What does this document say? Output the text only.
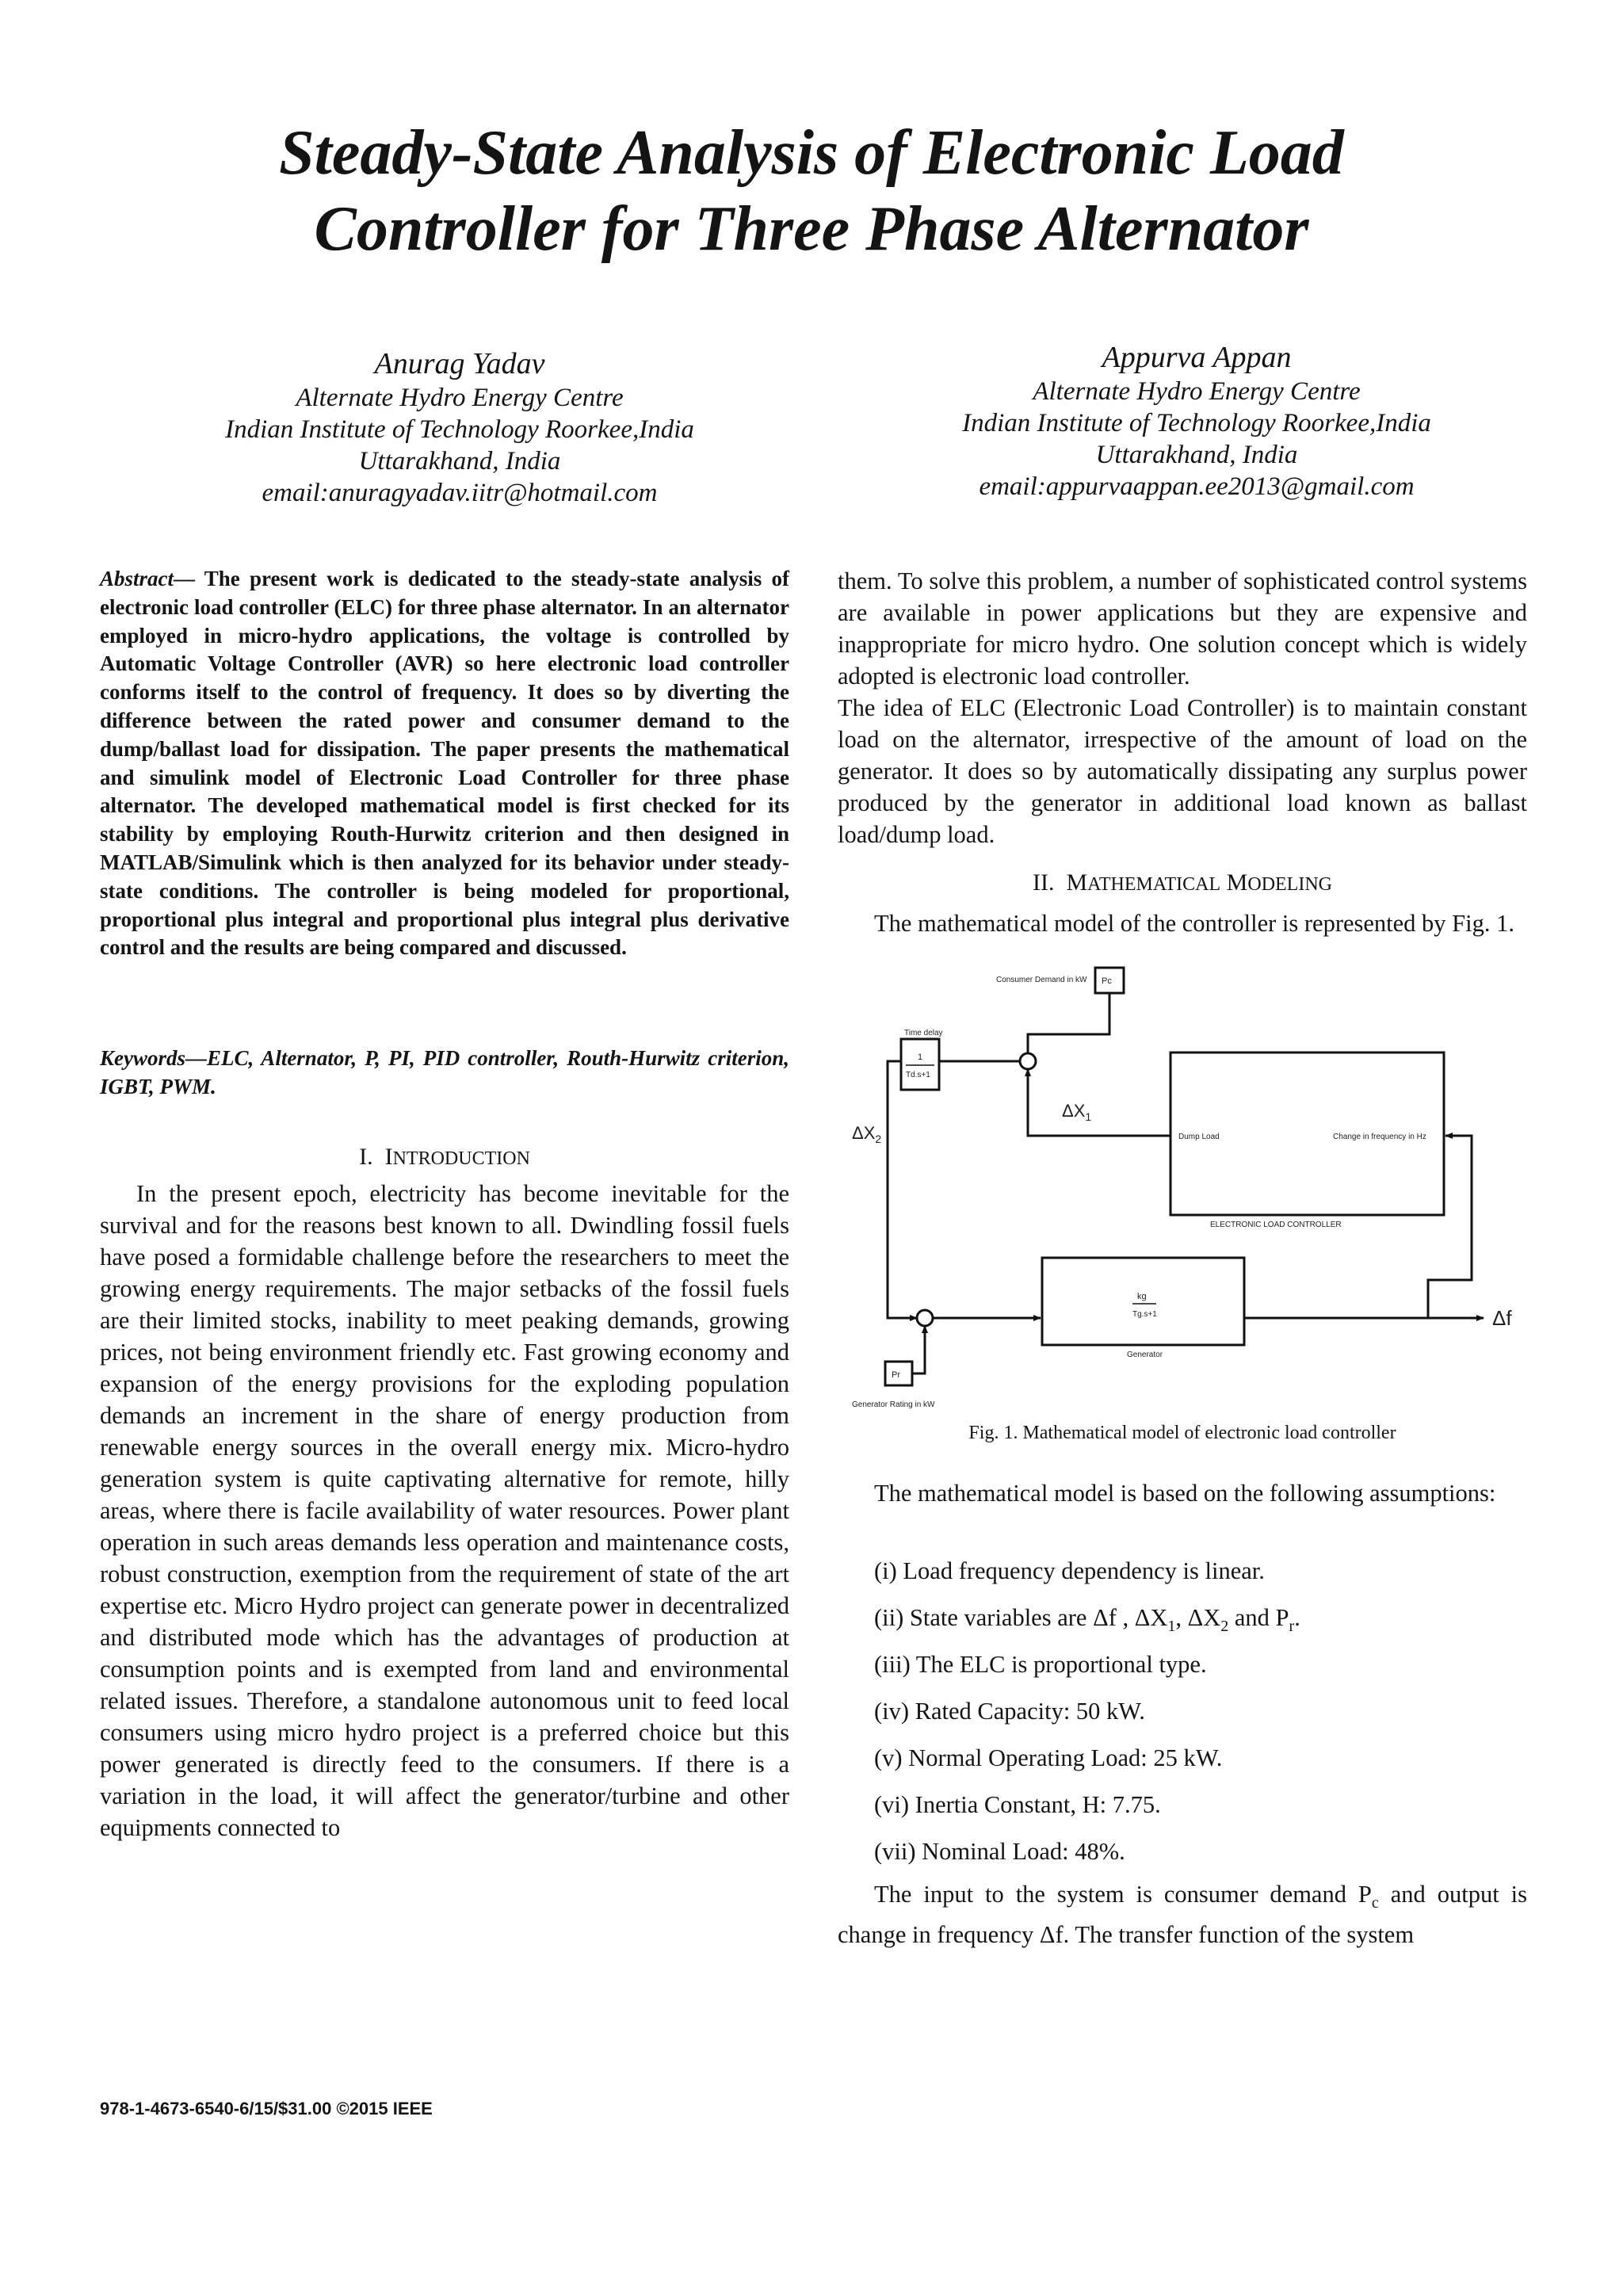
Steady-State Analysis of Electronic Load
Controller for Three Phase Alternator
Anurag Yadav
Alternate Hydro Energy Centre
Indian Institute of Technology Roorkee,India
Uttarakhand, India
email:anuragyadav.iitr@hotmail.com
Appurva Appan
Alternate Hydro Energy Centre
Indian Institute of Technology Roorkee,India
Uttarakhand, India
email:appurvaappan.ee2013@gmail.com
Abstract— The present work is dedicated to the steady-state analysis of electronic load controller (ELC) for three phase alternator. In an alternator employed in micro-hydro applications, the voltage is controlled by Automatic Voltage Controller (AVR) so here electronic load controller conforms itself to the control of frequency. It does so by diverting the difference between the rated power and consumer demand to the dump/ballast load for dissipation. The paper presents the mathematical and simulink model of Electronic Load Controller for three phase alternator. The developed mathematical model is first checked for its stability by employing Routh-Hurwitz criterion and then designed in MATLAB/Simulink which is then analyzed for its behavior under steady-state conditions. The controller is being modeled for proportional, proportional plus integral and proportional plus integral plus derivative control and the results are being compared and discussed.
Keywords—ELC, Alternator, P, PI, PID controller, Routh-Hurwitz criterion, IGBT, PWM.
I. INTRODUCTION

In the present epoch, electricity has become inevitable for the survival and for the reasons best known to all. Dwindling fossil fuels have posed a formidable challenge before the researchers to meet the growing energy requirements. The major setbacks of the fossil fuels are their limited stocks, inability to meet peaking demands, growing prices, not being environment friendly etc. Fast growing economy and expansion of the energy provisions for the exploding population demands an increment in the share of energy production from renewable energy sources in the overall energy mix. Micro-hydro generation system is quite captivating alternative for remote, hilly areas, where there is facile availability of water resources. Power plant operation in such areas demands less operation and maintenance costs, robust construction, exemption from the requirement of state of the art expertise etc. Micro Hydro project can generate power in decentralized and distributed mode which has the advantages of production at consumption points and is exempted from land and environmental related issues. Therefore, a standalone autonomous unit to feed local consumers using micro hydro project is a preferred choice but this power generated is directly feed to the consumers. If there is a variation in the load, it will affect the generator/turbine and other equipments connected to

them. To solve this problem, a number of sophisticated control systems are available in power applications but they are expensive and inappropriate for micro hydro. One solution concept which is widely adopted is electronic load controller.

The idea of ELC (Electronic Load Controller) is to maintain constant load on the alternator, irrespective of the amount of load on the generator. It does so by automatically dissipating any surplus power produced by the generator in additional load known as ballast load/dump load.

II. MATHEMATICAL MODELING

The mathematical model of the controller is represented by Fig. 1.

Consumer Demand in kW Pc
Time delay
1
Td.s+1
$\Delta X_1$
$\Delta X_2$	Dump Load	Change in frequency in Hz
ELECTRONIC LOAD CONTROLLER
kg
Tg.s+1
Generator
Pr
Generator Rating in kW
Δf
Fig. 1. Mathematical model of electronic load controller

The mathematical model is based on the following assumptions:

(i) Load frequency dependency is linear.
(ii) State variables are Δf , $\Delta X_1$, $\Delta X_2$ and $P_r$.
(iii) The ELC is proportional type.
(iv) Rated Capacity: 50 kW.
(v) Normal Operating Load: 25 kW.
(vi) Inertia Constant, H: 7.75.
(vii) Nominal Load: 48%.

The input to the system is consumer demand $P_c$ and output is change in frequency Δf. The transfer function of the system

978-1-4673-6540-6/15/$31.00 ©2015 IEEE
